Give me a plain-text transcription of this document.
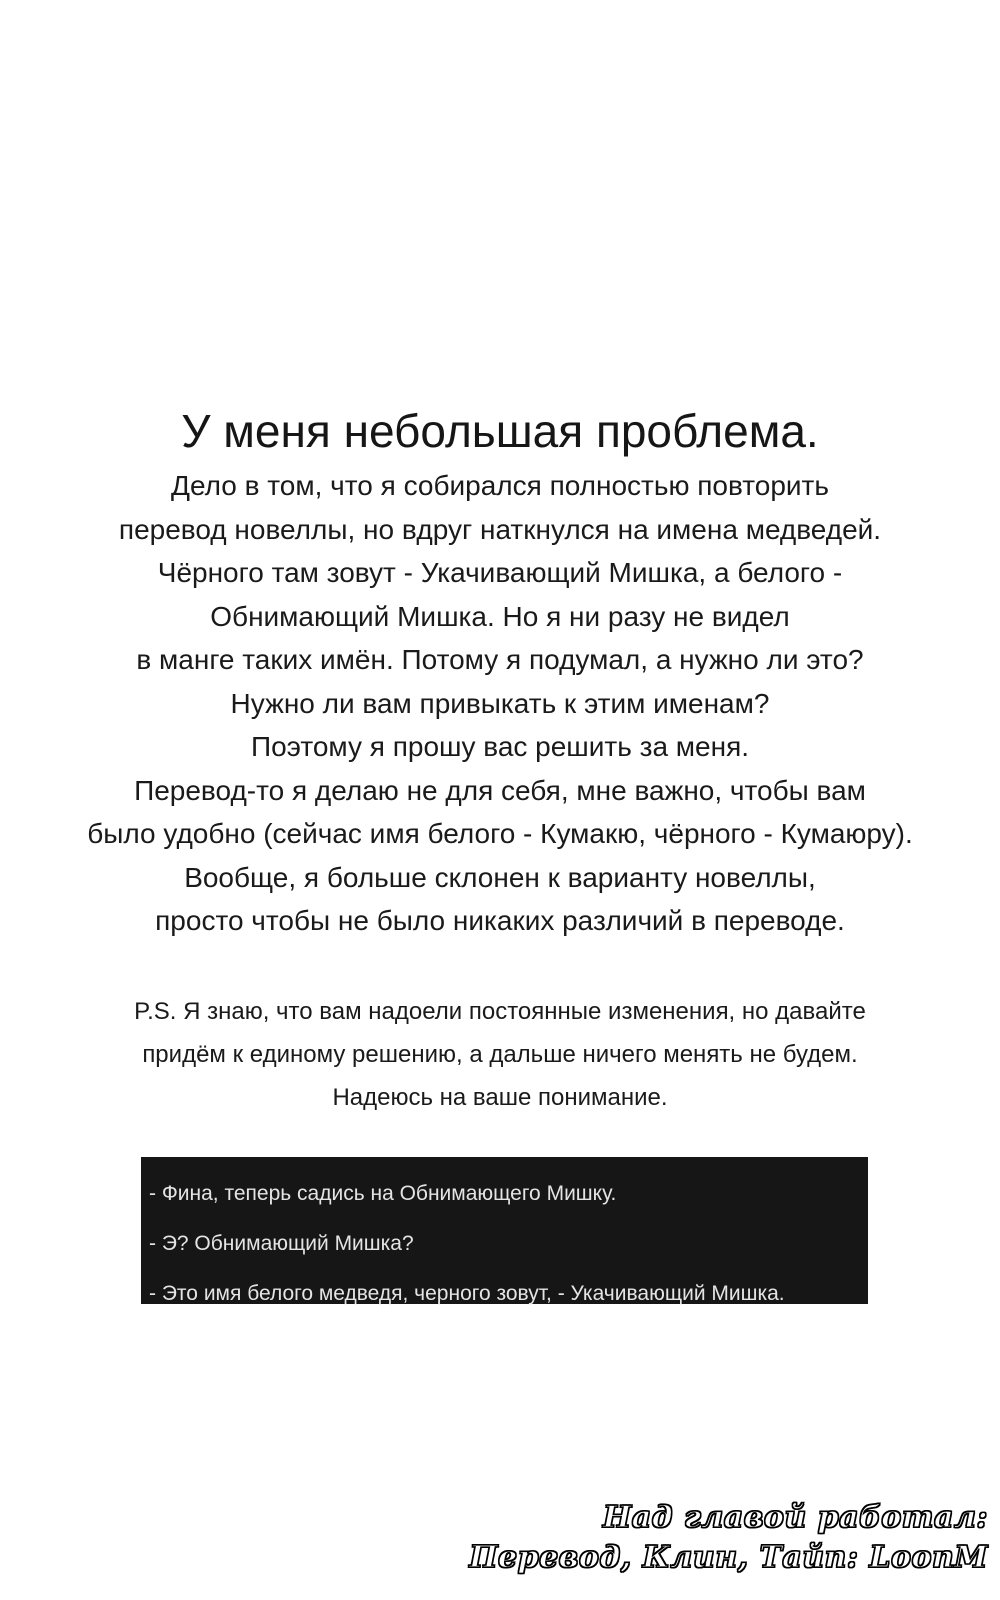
У меня небольшая проблема.

Дело в том, что я собирался полностью повторить
перевод новеллы, но вдруг наткнулся на имена медведей.
Чёрного там зовут - Укачивающий Мишка, а белого -
Обнимающий Мишка. Но я ни разу не видел
в манге таких имён. Потому я подумал, а нужно ли это?
Нужно ли вам привыкать к этим именам?
Поэтому я прошу вас решить за меня.
Перевод-то я делаю не для себя, мне важно, чтобы вам
было удобно (сейчас имя белого - Кумакю, чёрного - Кумаюру).
Вообще, я больше склонен к варианту новеллы,
просто чтобы не было никаких различий в переводе.

P.S. Я знаю, что вам надоели постоянные изменения, но давайте
придём к единому решению, а дальше ничего менять не будем.
Надеюсь на ваше понимание.
- Фина, теперь садись на Обнимающего Мишку.
- Э? Обнимающий Мишка?
- Это имя белого медведя, черного зовут, - Укачивающий Мишка.
Над главой работал:
Перевод, Клин, Тайп: LoonM
